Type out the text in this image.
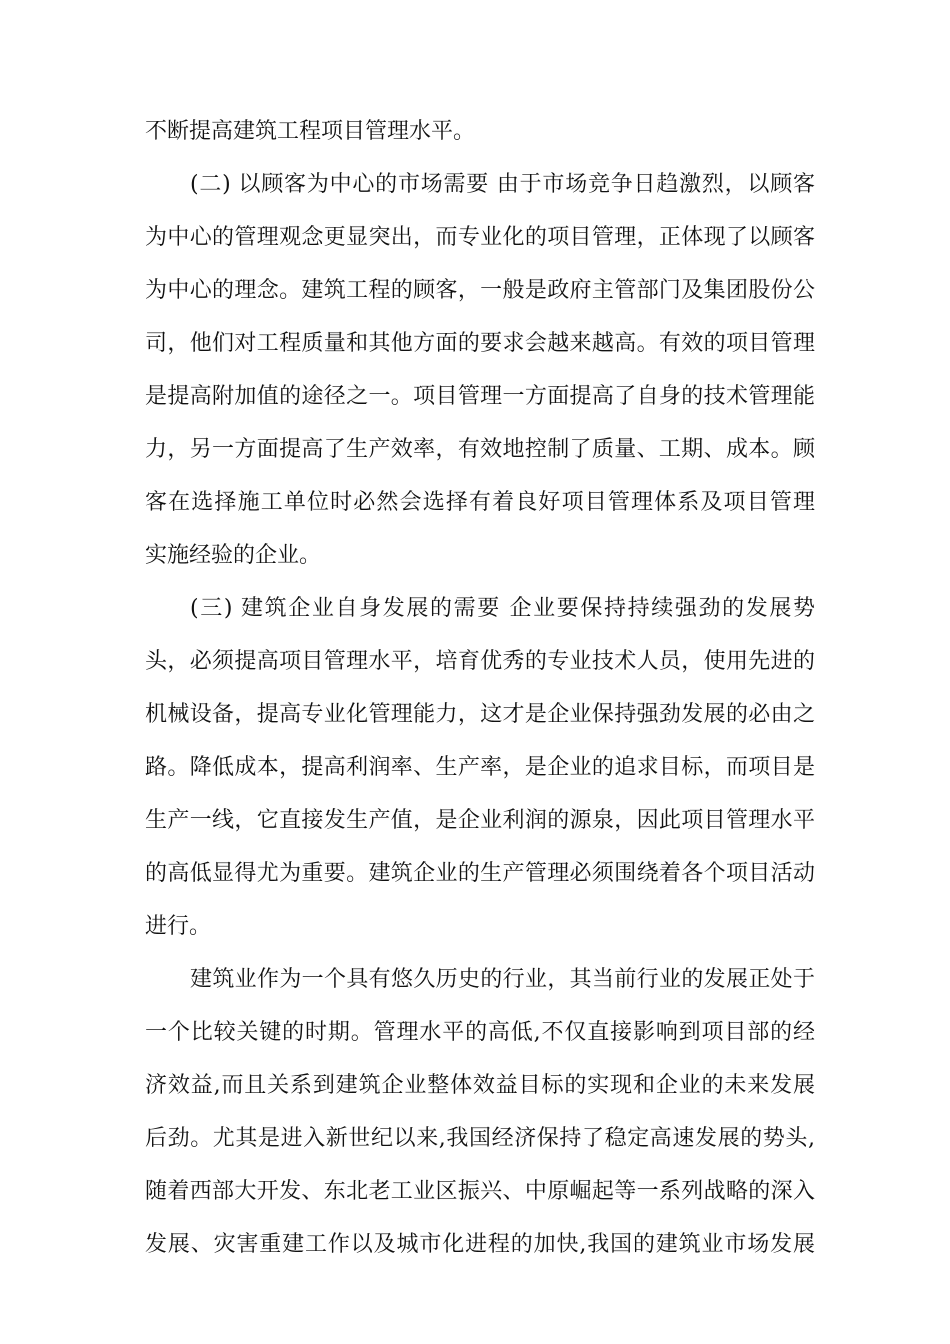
不断提高建筑工程项目管理水平。
(二) 以顾客为中心的市场需要 由于市场竞争日趋激烈，以顾客
为中心的管理观念更显突出，而专业化的项目管理，正体现了以顾客
为中心的理念。建筑工程的顾客，一般是政府主管部门及集团股份公
司，他们对工程质量和其他方面的要求会越来越高。有效的项目管理
是提高附加值的途径之一。项目管理一方面提高了自身的技术管理能
力，另一方面提高了生产效率，有效地控制了质量、工期、成本。顾
客在选择施工单位时必然会选择有着良好项目管理体系及项目管理
实施经验的企业。
(三) 建筑企业自身发展的需要 企业要保持持续强劲的发展势
头，必须提高项目管理水平，培育优秀的专业技术人员，使用先进的
机械设备，提高专业化管理能力，这才是企业保持强劲发展的必由之
路。降低成本，提高利润率、生产率，是企业的追求目标，而项目是
生产一线，它直接发生产值，是企业利润的源泉，因此项目管理水平
的高低显得尤为重要。建筑企业的生产管理必须围绕着各个项目活动
进行。
建筑业作为一个具有悠久历史的行业，其当前行业的发展正处于
一个比较关键的时期。管理水平的高低,不仅直接影响到项目部的经
济效益,而且关系到建筑企业整体效益目标的实现和企业的未来发展
后劲。尤其是进入新世纪以来,我国经济保持了稳定高速发展的势头,
随着西部大开发、东北老工业区振兴、中原崛起等一系列战略的深入
发展、灾害重建工作以及城市化进程的加快,我国的建筑业市场发展
